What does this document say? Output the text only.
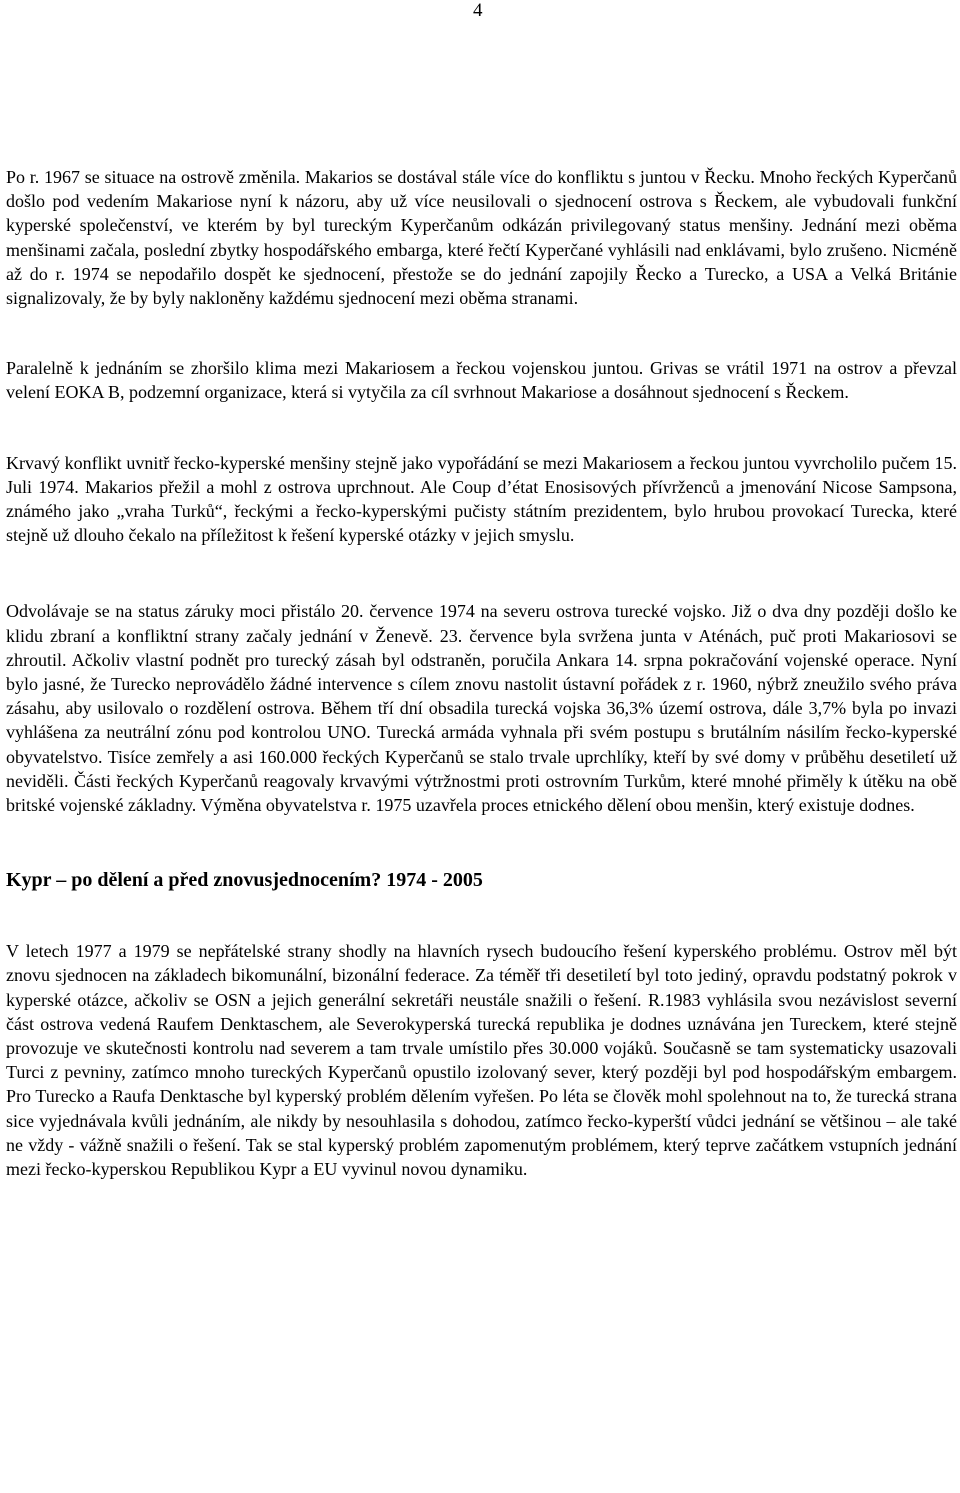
4

Po r. 1967 se situace na ostrově změnila. Makarios se dostával stále více do konfliktu s juntou v Řecku. Mnoho řeckých Kyperčanů došlo pod vedením Makariose nyní k názoru, aby už více neusilovali o sjednocení ostrova s Řeckem, ale vybudovali funkční kyperské společenství, ve kterém by byl tureckým Kyperčanům odkázán privilegovaný status menšiny. Jednání mezi oběma menšinami začala, poslední zbytky hospodářského embarga, které řečtí Kyperčané vyhlásili nad enklávami, bylo zrušeno. Nicméně až do r. 1974 se nepodařilo dospět ke sjednocení, přestože se do jednání zapojily Řecko a Turecko, a USA a Velká Británie signalizovaly, že by byly nakloněny každému sjednocení mezi oběma stranami.

Paralelně k jednáním se zhoršilo klima mezi Makariosem a řeckou vojenskou juntou. Grivas se vrátil 1971 na ostrov a převzal velení EOKA B, podzemní organizace, která si vytyčila za cíl svrhnout Makariose a dosáhnout sjednocení s Řeckem.

Krvavý konflikt uvnitř řecko-kyperské menšiny stejně jako vypořádání se mezi Makariosem a řeckou juntou vyvrcholilo pučem 15. Juli 1974. Makarios přežil a mohl z ostrova uprchnout. Ale Coup d’état Enosisových přívrženců a jmenování Nicose Sampsona, známého jako „vraha Turků“, řeckými a řecko-kyperskými pučisty státním prezidentem, bylo hrubou provokací Turecka, které stejně už dlouho čekalo na příležitost k řešení kyperské otázky v jejich smyslu.

Odvolávaje se na status záruky moci přistálo 20. července 1974 na severu ostrova turecké vojsko. Již o dva dny později došlo ke klidu zbraní a konfliktní strany začaly jednání v Ženevě. 23. července byla svržena junta v Aténách, puč proti Makariosovi se zhroutil. Ačkoliv vlastní podnět pro turecký zásah byl odstraněn, poručila Ankara 14. srpna pokračování vojenské operace. Nyní bylo jasné, že Turecko neprovádělo žádné intervence s cílem znovu nastolit ústavní pořádek z r. 1960, nýbrž zneužilo svého práva zásahu, aby usilovalo o rozdělení ostrova. Během tří dní obsadila turecká vojska 36,3% území ostrova, dále 3,7% byla po invazi vyhlášena za neutrální zónu pod kontrolou UNO. Turecká armáda vyhnala při svém postupu s brutálním násilím řecko-kyperské obyvatelstvo. Tisíce zemřely a asi 160.000 řeckých Kyperčanů se stalo trvale uprchlíky, kteří by své domy v průběhu desetiletí už neviděli. Části řeckých Kyperčanů reagovaly krvavými výtržnostmi proti ostrovním Turkům, které mnohé přiměly k útěku na obě britské vojenské základny. Výměna obyvatelstva r. 1975 uzavřela proces etnického dělení obou menšin, který existuje dodnes.

Kypr – po dělení a před znovusjednocením? 1974 - 2005

V letech 1977 a 1979 se nepřátelské strany shodly na hlavních rysech budoucího řešení kyperského problému. Ostrov měl být znovu sjednocen na základech bikomunální, bizonální federace. Za téměř tři desetiletí byl toto jediný, opravdu podstatný pokrok v kyperské otázce, ačkoliv se OSN a jejich generální sekretáři neustále snažili o řešení. R.1983 vyhlásila svou nezávislost severní část ostrova vedená Raufem Denktaschem, ale Severokyperská turecká republika je dodnes uznávána jen Tureckem, které stejně provozuje ve skutečnosti kontrolu nad severem a tam trvale umístilo přes 30.000 vojáků. Současně se tam systematicky usazovali Turci z pevniny, zatímco mnoho tureckých Kyperčanů opustilo izolovaný sever, který později byl pod hospodářským embargem. Pro Turecko a Raufa Denktasche byl kyperský problém dělením vyřešen. Po léta se člověk mohl spolehnout na to, že turecká strana sice vyjednávala kvůli jednáním, ale nikdy by nesouhlasila s dohodou, zatímco řecko-kyperští vůdci jednání se většinou – ale také ne vždy - vážně snažili o řešení. Tak se stal kyperský problém zapomenutým problémem, který teprve začátkem vstupních jednání mezi řecko-kyperskou Republikou Kypr a EU vyvinul novou dynamiku.
